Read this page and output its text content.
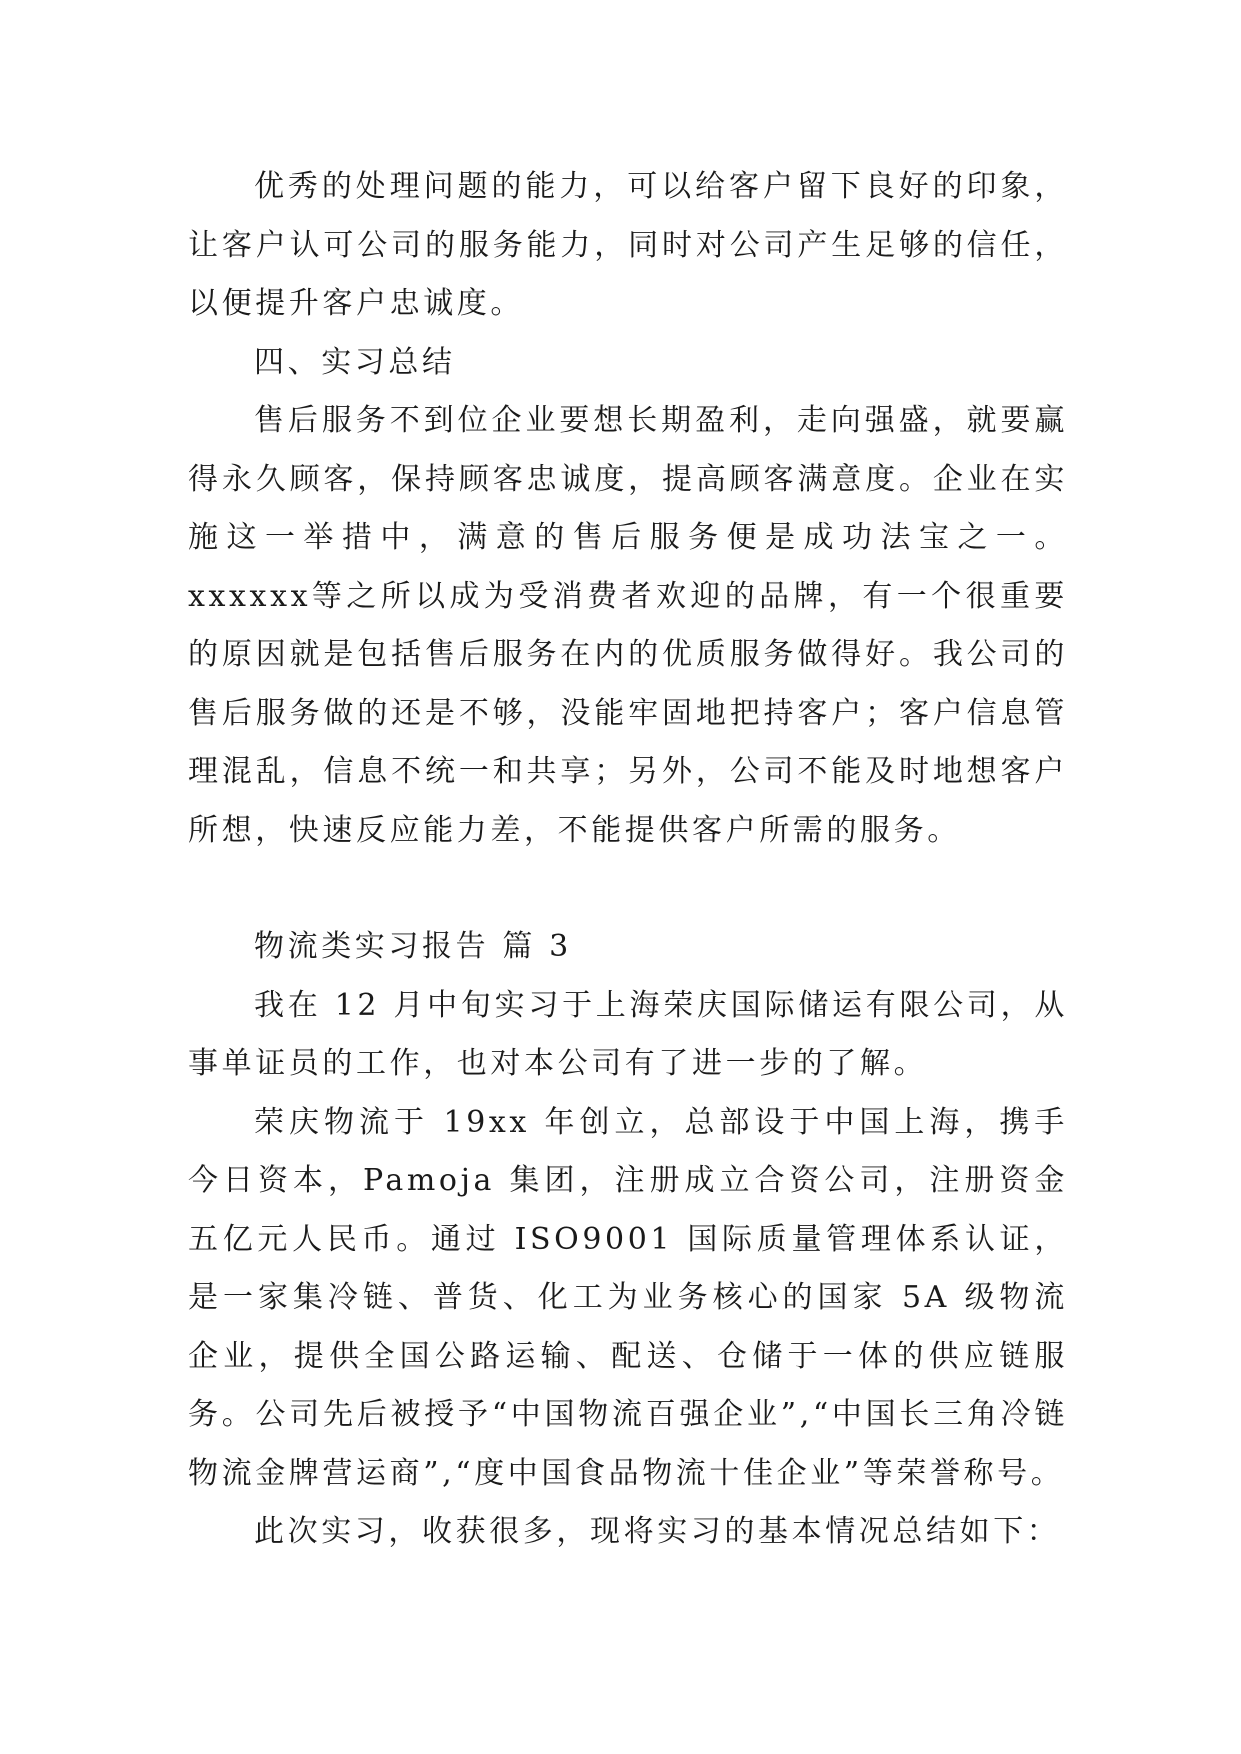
优秀的处理问题的能力，可以给客户留下良好的印象，让客户认可公司的服务能力，同时对公司产生足够的信任，以便提升客户忠诚度。

四、实习总结

售后服务不到位企业要想长期盈利，走向强盛，就要赢得永久顾客，保持顾客忠诚度，提高顾客满意度。企业在实施这一举措中，满意的售后服务便是成功法宝之一。xxxxxx等之所以成为受消费者欢迎的品牌，有一个很重要的原因就是包括售后服务在内的优质服务做得好。我公司的售后服务做的还是不够，没能牢固地把持客户；客户信息管理混乱，信息不统一和共享；另外，公司不能及时地想客户所想，快速反应能力差，不能提供客户所需的服务。

物流类实习报告 篇 3

我在 12 月中旬实习于上海荣庆国际储运有限公司，从事单证员的工作，也对本公司有了进一步的了解。

荣庆物流于 19xx 年创立，总部设于中国上海，携手今日资本，Pamoja 集团，注册成立合资公司，注册资金五亿元人民币。通过 ISO9001 国际质量管理体系认证，是一家集冷链、普货、化工为业务核心的国家 5A 级物流企业，提供全国公路运输、配送、仓储于一体的供应链服务。公司先后被授予“中国物流百强企业”,“中国长三角冷链物流金牌营运商”,“度中国食品物流十佳企业”等荣誉称号。

此次实习，收获很多，现将实习的基本情况总结如下：
